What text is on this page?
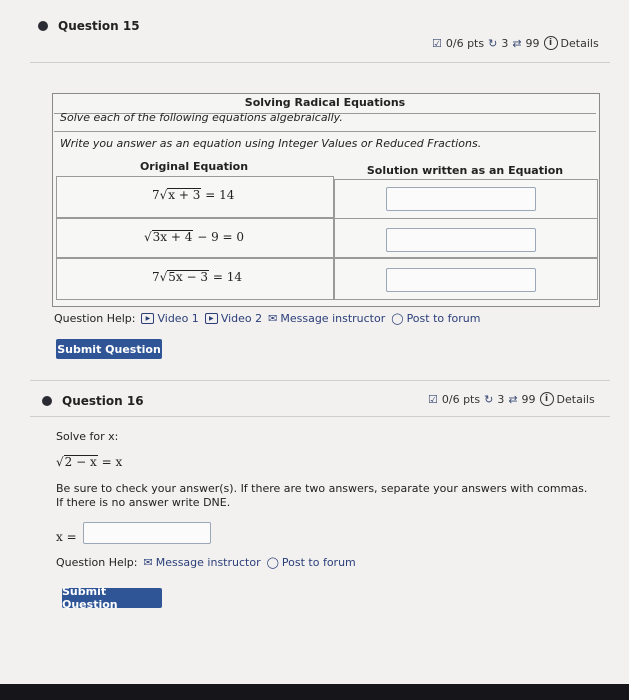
Question 15
☑ 0/6 pts ↻ 3 ⇄ 99	i Details
Solving Radical Equations
Solve each of the following equations algebraically.
Write you answer as an equation using Integer Values or Reduced Fractions.
Original Equation	Solution written as an Equation
7√x + 3 = 14
√3x + 4 − 9 = 0
7√5x − 3 = 14
Question Help:	▶ Video 1	▶ Video 2 ✉ Message instructor ◯ Post to forum
Submit Question
Question 16	☑ 0/6 pts ↻ 3 ⇄ 99	i Details
Solve for x:
√2 − x = x
Be sure to check your answer(s). If there are two answers, separate your answers with commas. If there is no answer write DNE.
x =
Question Help: ✉ Message instructor ◯ Post to forum
Submit Question
